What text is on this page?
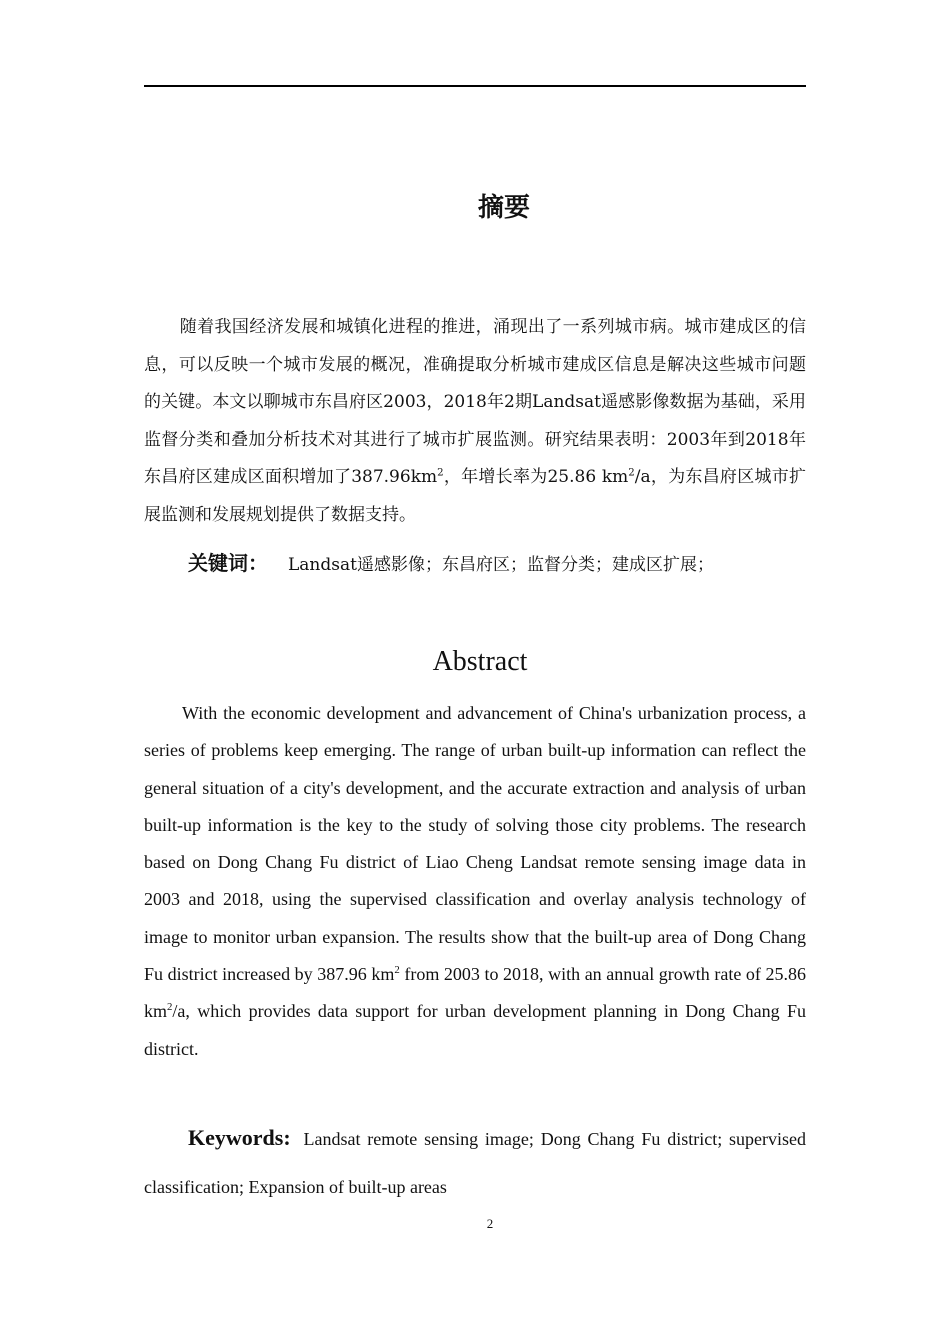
摘要

随着我国经济发展和城镇化进程的推进，涌现出了一系列城市病。城市建成区的信息，可以反映一个城市发展的概况，准确提取分析城市建成区信息是解决这些城市问题的关键。本文以聊城市东昌府区2003，2018年2期Landsat遥感影像数据为基础，采用监督分类和叠加分析技术对其进行了城市扩展监测。研究结果表明：2003年到2018年东昌府区建成区面积增加了$387.96km^2$，年增长率为25.86 $km^2/a$，为东昌府区城市扩展监测和发展规划提供了数据支持。

关键词： Landsat遥感影像；东昌府区；监督分类；建成区扩展；

Abstract

With the economic development and advancement of China's urbanization process, a series of problems keep emerging. The range of urban built-up information can reflect the general situation of a city's development, and the accurate extraction and analysis of urban built-up information is the key to the study of solving those city problems. The research based on Dong Chang Fu district of Liao Cheng Landsat remote sensing image data in 2003 and 2018, using the supervised classification and overlay analysis technology of image to monitor urban expansion. The results show that the built-up area of Dong Chang Fu district increased by 387.96 $km^2$ from 2003 to 2018, with an annual growth rate of 25.86 $km^2/a$, which provides data support for urban development planning in Dong Chang Fu district.

Keywords: Landsat remote sensing image; Dong Chang Fu district; supervised classification; Expansion of built-up areas

2
